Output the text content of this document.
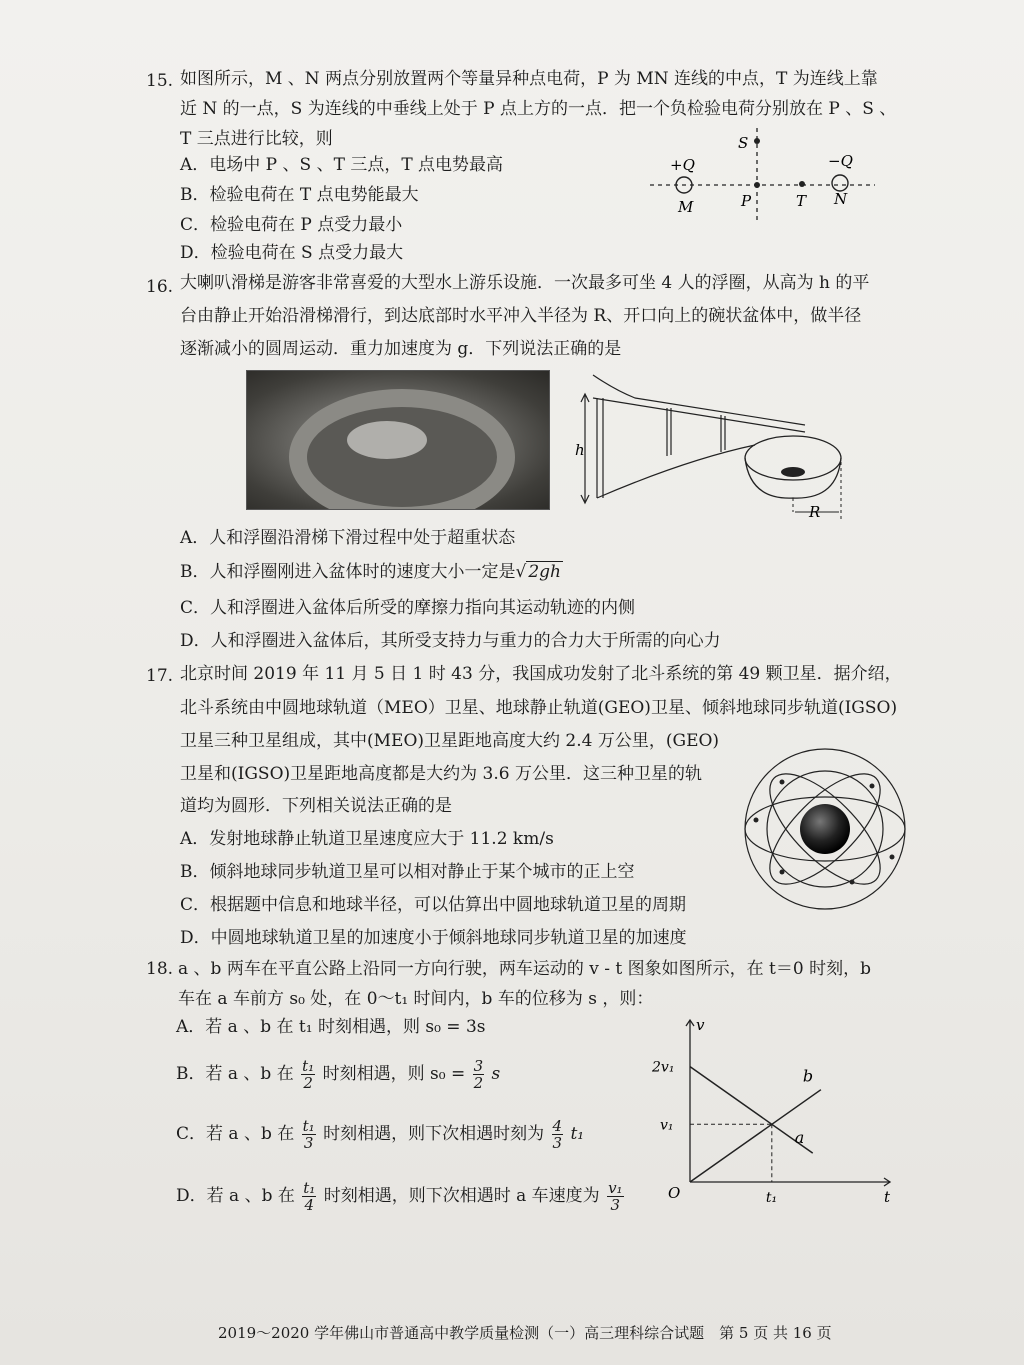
15. 如图所示，M 、N 两点分别放置两个等量异种点电荷，P 为 MN 连线的中点，T 为连线上靠
近 N 的一点，S 为连线的中垂线上处于 P 点上方的一点．把一个负检验电荷分别放在 P 、S 、
T 三点进行比较，则
A．电场中 P 、S 、T 三点，T 点电势最高
B．检验电荷在 T 点电势能最大
C．检验电荷在 P 点受力最小
D．检验电荷在 S 点受力最大
S
+Q	−Q
M	P	T N
16. 大喇叭滑梯是游客非常喜爱的大型水上游乐设施．一次最多可坐 4 人的浮圈，从高为 h 的平
台由静止开始沿滑梯滑行，到达底部时水平冲入半径为 R、开口向上的碗状盆体中，做半径
逐渐减小的圆周运动．重力加速度为 g．下列说法正确的是
h
R
A．人和浮圈沿滑梯下滑过程中处于超重状态
B．人和浮圈刚进入盆体时的速度大小一定是√ 2gh
C．人和浮圈进入盆体后所受的摩擦力指向其运动轨迹的内侧
D．人和浮圈进入盆体后，其所受支持力与重力的合力大于所需的向心力
17. 北京时间 2019 年 11 月 5 日 1 时 43 分，我国成功发射了北斗系统的第 49 颗卫星．据介绍，
北斗系统由中圆地球轨道（MEO）卫星、地球静止轨道(GEO)卫星、倾斜地球同步轨道(IGSO)
卫星三种卫星组成，其中(MEO)卫星距地高度大约 2.4 万公里，(GEO)
卫星和(IGSO)卫星距地高度都是大约为 3.6 万公里．这三种卫星的轨
道均为圆形．下列相关说法正确的是
A．发射地球静止轨道卫星速度应大于 11.2 km/s
B．倾斜地球同步轨道卫星可以相对静止于某个城市的正上空
C．根据题中信息和地球半径，可以估算出中圆地球轨道卫星的周期
D．中圆地球轨道卫星的加速度小于倾斜地球同步轨道卫星的加速度
18. a 、b 两车在平直公路上沿同一方向行驶，两车运动的 v - t 图象如图所示，在 t＝0 时刻，b
车在 a 车前方 s₀ 处，在 0～t₁ 时间内，b 车的位移为 s ，则：
A．若 a 、b 在 t₁ 时刻相遇，则 s₀ = 3s
B．若 a 、b 在 $\frac{\text{t₁}}{2}$ 时刻相遇，则 $s_0 = \frac{3}{2}$ s
C．若 a 、b 在 $\frac{\text{t₁}}{3}$ 时刻相遇，则下次相遇时刻为 $\frac{4}{3} t_1$
D．若 a 、b 在 $\frac{\text{t₁}}{4}$ 时刻相遇，则下次相遇时 a 车速度为 $\frac{\text{v₁}}{3}$	t
v
O
a
b
t₁
v₁
2v₁
2019～2020 学年佛山市普通高中教学质量检测（一）高三理科综合试题　第 5 页 共 16 页
